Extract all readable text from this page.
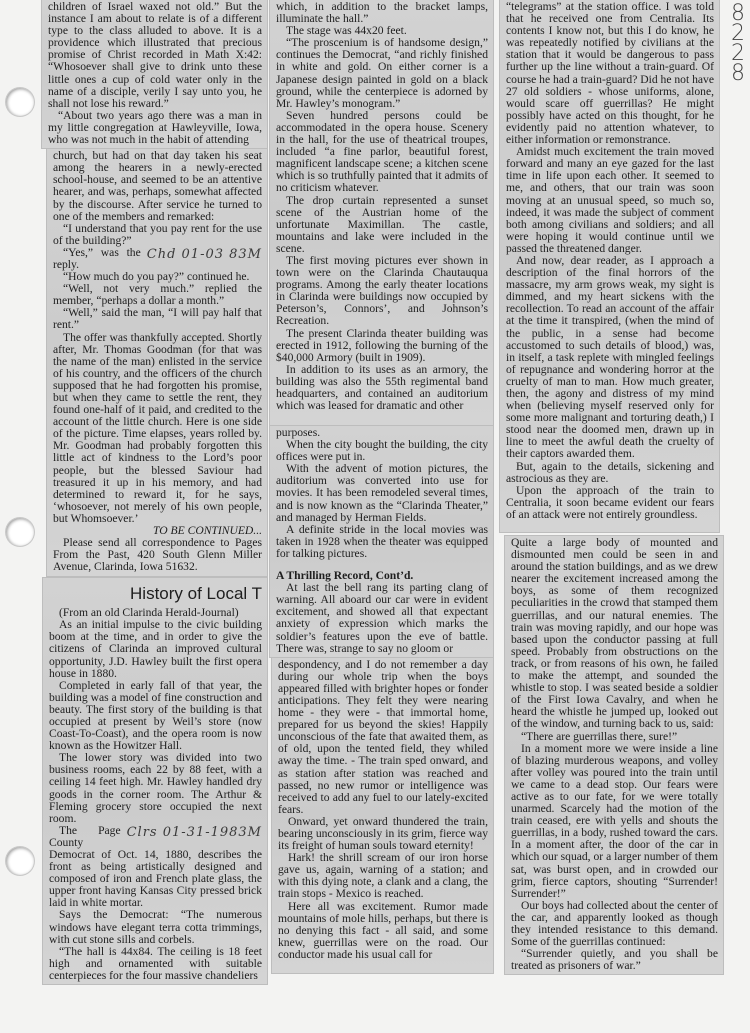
8228

children of Israel waxed not old.” But the instance I am about to relate is of a different type to the class alluded to above. It is a providence which illustrated that precious promise of Christ recorded in Math X:42: “Whosoever shall give to drink unto these little ones a cup of cold water only in the name of a disciple, verily I say unto you, he shall not lose his reward.”

“About two years ago there was a man in my little congregation at Hawleyville, Iowa, who was not much in the habit of attending

church, but had on that day taken his seat among the hearers in a newly-erected school-house, and seemed to be an attentive hearer, and was, perhaps, somewhat affected by the discourse. After service he turned to one of the members and remarked:

“I understand that you pay rent for the use of the building?”

Chd 01-03 83M

“Yes,” was the reply.

“How much do you pay?” continued he.

“Well, not very much.” replied the member, “perhaps a dollar a month.”

“Well,” said the man, “I will pay half that rent.”

The offer was thankfully accepted. Shortly after, Mr. Thomas Goodman (for that was the name of the man) enlisted in the service of his country, and the officers of the church supposed that he had forgotten his promise, but when they came to settle the rent, they found one-half of it paid, and credited to the account of the little church. Here is one side of the picture. Time elapses, years rolled by. Mr. Goodman had probably forgotten this little act of kindness to the Lord’s poor people, but the blessed Saviour had treasured it up in his memory, and had determined to reward it, for he says, ‘whosoever, not merely of his own people, but Whomsoever.’

TO BE CONTINUED...

Please send all correspondence to Pages From the Past, 420 South Glenn Miller Avenue, Clarinda, Iowa 51632.

History of Local T

(From an old Clarinda Herald-Journal)

As an initial impulse to the civic building boom at the time, and in order to give the citizens of Clarinda an improved cultural opportunity, J.D. Hawley built the first opera house in 1880.

Completed in early fall of that year, the building was a model of fine construction and beauty. The first story of the building is that occupied at present by Weil’s store (now Coast-To-Coast), and the opera room is now known as the Howitzer Hall.

The lower story was divided into two business rooms, each 22 by 88 feet, with a ceiling 14 feet high. Mr. Hawley handled dry goods in the corner room. The Arthur & Fleming grocery store occupied the next room.

Clrs 01-31-1983M

The Page County Democrat of Oct. 14, 1880, describes the front as being artistically designed and composed of iron and French plate glass, the upper front having Kansas City pressed brick laid in white mortar.

Says the Democrat: “The numerous windows have elegant terra cotta trimmings, with cut stone sills and corbels.

“The hall is 44x84. The ceiling is 18 feet high and ornamented with suitable centerpieces for the four massive chandeliers

which, in addition to the bracket lamps, illuminate the hall.”

The stage was 44x20 feet.

“The proscenium is of handsome design,” continues the Democrat, “and richly finished in white and gold. On either corner is a Japanese design painted in gold on a black ground, while the centerpiece is adorned by Mr. Hawley’s monogram.”

Seven hundred persons could be accommodated in the opera house. Scenery in the hall, for the use of theatrical troupes, included “a fine parlor, beautiful forest, magnificent landscape scene; a kitchen scene which is so truthfully painted that it admits of no criticism whatever.

The drop curtain represented a sunset scene of the Austrian home of the unfortunate Maximillan. The castle, mountains and lake were included in the scene.

The first moving pictures ever shown in town were on the Clarinda Chautauqua programs. Among the early theater locations in Clarinda were buildings now occupied by Peterson’s, Connors’, and Johnson’s Recreation.

The present Clarinda theater building was erected in 1912, following the burning of the $40,000 Armory (built in 1909).

In addition to its uses as an armory, the building was also the 55th regimental band headquarters, and contained an auditorium which was leased for dramatic and other

purposes.

When the city bought the building, the city offices were put in.

With the advent of motion pictures, the auditorium was converted into use for movies. It has been remodeled several times, and is now known as the “Clarinda Theater,” and managed by Herman Fields.

A definite stride in the local movies was taken in 1928 when the theater was equipped for talking pictures.

A Thrilling Record, Cont’d.

At last the bell rang its parting clang of warning. All aboard our car were in evident excitement, and showed all that expectant anxiety of expression which marks the soldier’s features upon the eve of battle. There was, strange to say no gloom or

despondency, and I do not remember a day during our whole trip when the boys appeared filled with brighter hopes or fonder anticipations. They felt they were nearing home - they were - that immortal home, prepared for us beyond the skies! Happily unconscious of the fate that awaited them, as of old, upon the tented field, they whiled away the time. - The train sped onward, and as station after station was reached and passed, no new rumor or intelligence was received to add any fuel to our lately-excited fears.

Onward, yet onward thundered the train, bearing unconsciously in its grim, fierce way its freight of human souls toward eternity!

Hark! the shrill scream of our iron horse gave us, again, warning of a station; and with this dying note, a clank and a clang, the train stops - Mexico is reached.

Here all was excitement. Rumor made mountains of mole hills, perhaps, but there is no denying this fact - all said, and some knew, guerrillas were on the road. Our conductor made his usual call for

“telegrams” at the station office. I was told that he received one from Centralia. Its contents I know not, but this I do know, he was repeatedly notified by civilians at the station that it would be dangerous to pass further up the line without a train-guard. Of course he had a train-guard? Did he not have 27 old soldiers - whose uniforms, alone, would scare off guerrillas? He might possibly have acted on this thought, for he evidently paid no attention whatever, to either information or remonstrance.

Amidst much excitement the train moved forward and many an eye gazed for the last time in life upon each other. It seemed to me, and others, that our train was soon moving at an unusual speed, so much so, indeed, it was made the subject of comment both among civilians and soldiers; and all were hoping it would continue until we passed the threatened danger.

And now, dear reader, as I approach a description of the final horrors of the massacre, my arm grows weak, my sight is dimmed, and my heart sickens with the recollection. To read an account of the affair at the time it transpired, (when the mind of the public, in a sense had become accustomed to such details of blood,) was, in itself, a task replete with mingled feelings of repugnance and wondering horror at the cruelty of man to man. How much greater, then, the agony and distress of my mind when (believing myself reserved only for some more malignant and torturing death,) I stood near the doomed men, drawn up in line to meet the awful death the cruelty of their captors awarded them.

But, again to the details, sickening and astrocious as they are.

Upon the approach of the train to Centralia, it soon became evident our fears of an attack were not entirely groundless.

Quite a large body of mounted and dismounted men could be seen in and around the station buildings, and as we drew nearer the excitement increased among the boys, as some of them recognized peculiarities in the crowd that stamped them guerrillas, and our natural enemies. The train was moving rapidly, and our hope was based upon the conductor passing at full speed. Probably from obstructions on the track, or from reasons of his own, he failed to make the attempt, and sounded the whistle to stop. I was seated beside a soldier of the First Iowa Cavalry, and when he heard the whistle he jumped up, looked out of the window, and turning back to us, said:

“There are guerrillas there, sure!”

In a moment more we were inside a line of blazing murderous weapons, and volley after volley was poured into the train until we came to a dead stop. Our fears were active as to our fate, for we were totally unarmed. Scarcely had the motion of the train ceased, ere with yells and shouts the guerrillas, in a body, rushed toward the cars. In a moment after, the door of the car in which our squad, or a larger number of them sat, was burst open, and in crowded our grim, fierce captors, shouting “Surrender! Surrender!”

Our boys had collected about the center of the car, and apparently looked as though they intended resistance to this demand. Some of the guerrillas continued:

“Surrender quietly, and you shall be treated as prisoners of war.”
